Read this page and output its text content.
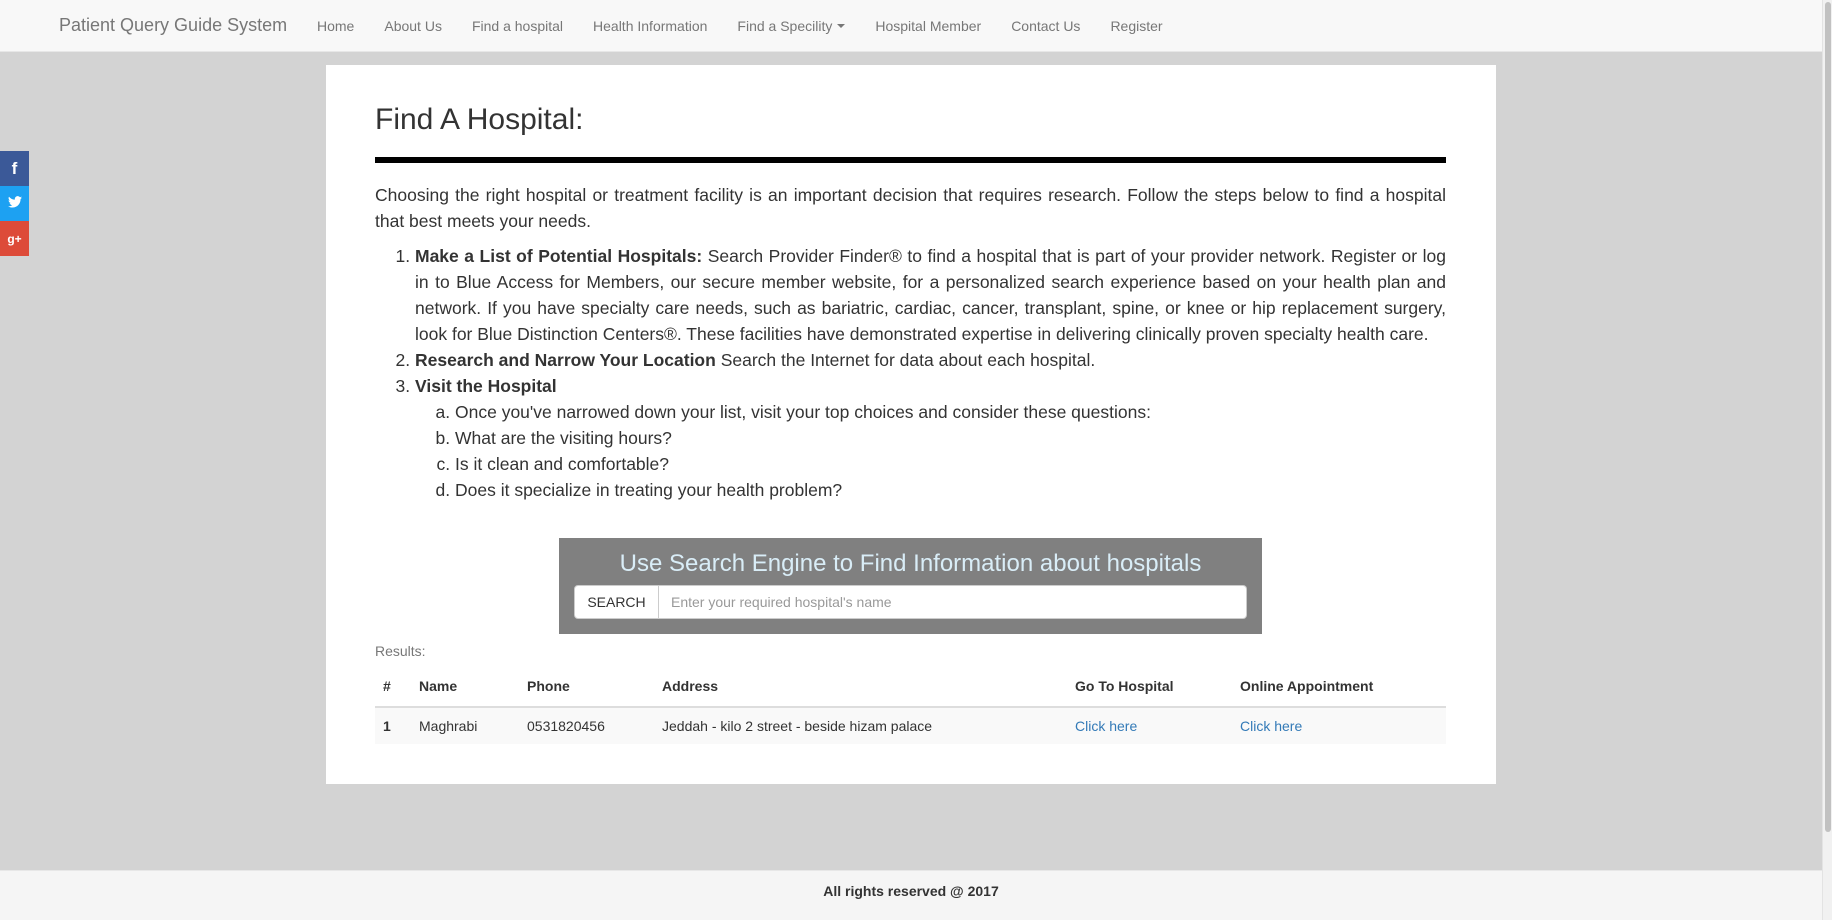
Patient Query Guide System Home About Us Find a hospital Health Information Find a Specility	Hospital Member Contact Us Register
f
g+
Find A Hospital:

Choosing the right hospital or treatment facility is an important decision that requires research. Follow the steps below to find a hospital that best meets your needs.

1. Make a List of Potential Hospitals: Search Provider Finder® to find a hospital that is part of your provider network. Register or log in to Blue Access for Members, our secure member website, for a personalized search experience based on your health plan and network. If you have specialty care needs, such as bariatric, cardiac, cancer, transplant, spine, or knee or hip replacement surgery, look for Blue Distinction Centers®. These facilities have demonstrated expertise in delivering clinically proven specialty health care.
2. Research and Narrow Your Location Search the Internet for data about each hospital.
3. Visit the Hospital
a. Once you've narrowed down your list, visit your top choices and consider these questions:
b. What are the visiting hours?
c. Is it clean and comfortable?
d. Does it specialize in treating your health problem?
Use Search Engine to Find Information about hospitals
SEARCH
Enter your required hospital's name
Results:
#	Name	Phone	Address	Go To Hospital	Online Appointment
1	Maghrabi	0531820456	Jeddah - kilo 2 street - beside hizam palace	Click here	Click here
All rights reserved @ 2017
